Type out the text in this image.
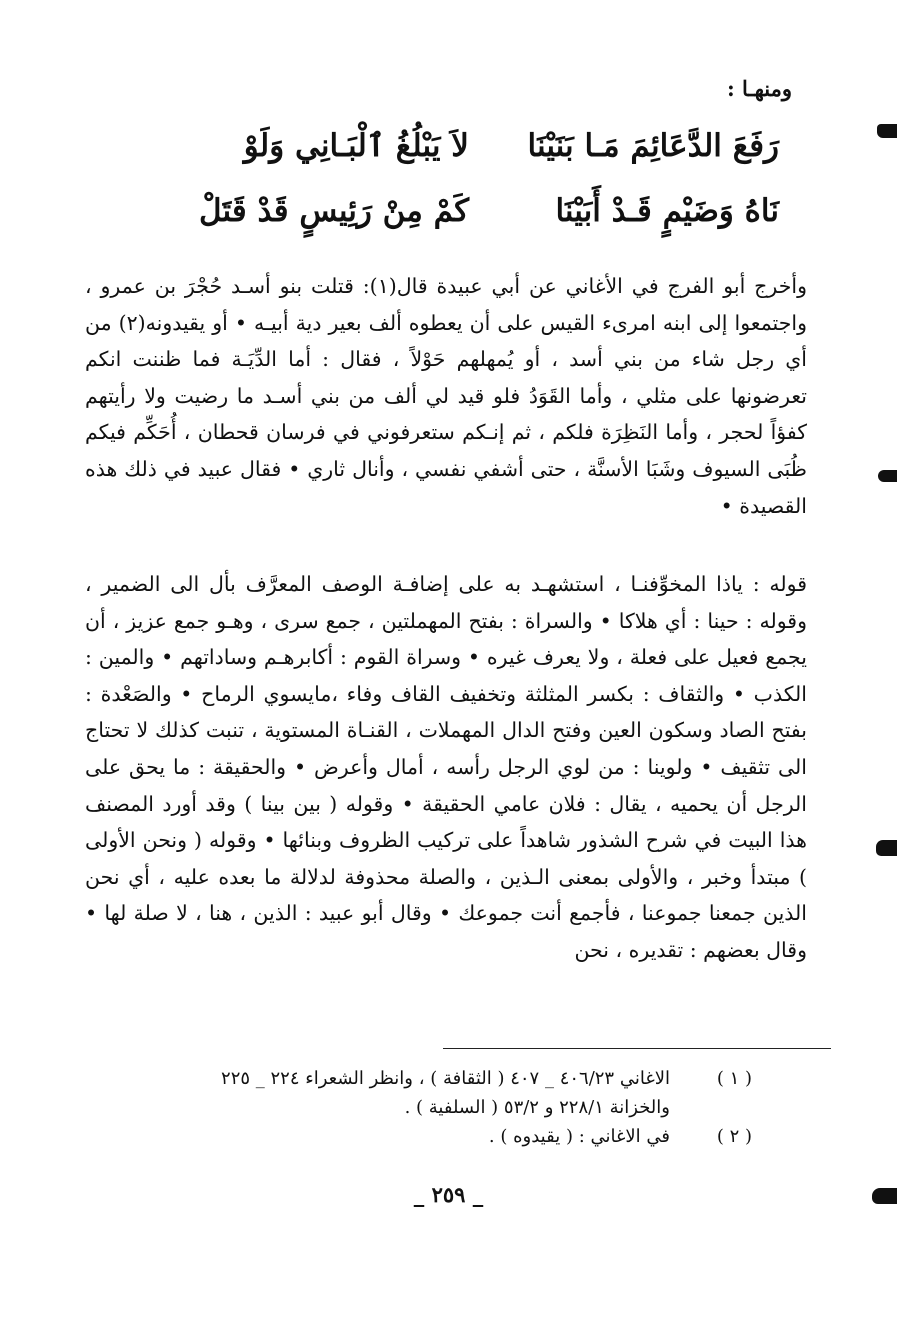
ومنهـا :
رَفَعَ الدَّعَائِمَ مَـا بَنَيْنَا
لاَ يَبْلُغُ ٱلْبَـانِي وَلَوْ
نَاهُ وَضَيْمٍ قَـدْ أَبَيْنَا
كَمْ مِنْ رَئِيسٍ قَدْ قَتَلْ

وأخرج أبو الفرج في الأغاني عن أبي عبيدة قال(١): قتلت بنو أسـد حُجْرَ بن عمرو ، واجتمعوا إلى ابنه امرىء القيس على أن يعطوه ألف بعير دية أبيـه • أو يقيدونه(٢) من أي رجل شاء من بني أسد ، أو يُمهلهم حَوْلاً ، فقال : أما الدِّيَـة فما ظننت انكم تعرضونها على مثلي ، وأما القَوَدُ فلو قيد لي ألف من بني أسـد ما رضيت ولا رأيتهم كفؤاً لحجر ، وأما النَظِرَة فلكم ، ثم إنـكم ستعرفوني في فرسان قحطان ، أُحَكِّم فيكم ظُبَى السيوف وشَبَا الأسنَّة ، حتى أشفي نفسي ، وأنال ثاري • فقال عبيد في ذلك هذه القصيدة •

قوله : ياذا المخوِّفنـا ، استشهـد به على إضافـة الوصف المعرَّف بأل الى الضمير ، وقوله : حينا : أي هلاكا • والسراة : بفتح المهملتين ، جمع سرى ، وهـو جمع عزيز ، أن يجمع فعيل على فعلة ، ولا يعرف غيره • وسراة القوم : أكابرهـم وساداتهم • والمين : الكذب • والثقاف : بكسر المثلثة وتخفيف القاف وفاء ،مايسوي الرماح • والصَعْدة : بفتح الصاد وسكون العين وفتح الدال المهملات ، القنـاة المستوية ، تنبت كذلك لا تحتاج الى تثقيف • ولوينا : من لوي الرجل رأسه ، أمال وأعرض • والحقيقة : ما يحق على الرجل أن يحميه ، يقال : فلان عامي الحقيقة • وقوله ( بين بينا ) وقد أورد المصنف هذا البيت في شرح الشذور شاهداً على تركيب الظروف وبنائها • وقوله ( ونحن الأولى ) مبتدأ وخبر ، والأولى بمعنى الـذين ، والصلة محذوفة لدلالة ما بعده عليه ، أي نحن الذين جمعنا جموعنا ، فأجمع أنت جموعك • وقال أبو عبيد : الذين ، هنا ، لا صلة لها • وقال بعضهم : تقديره ، نحن

( ١ )
الاغاني ٤٠٦/٢٣ _ ٤٠٧ ( الثقافة ) ، وانظر الشعراء ٢٢٤ _ ٢٢٥
والخزانة ٢٢٨/١ و ٥٣/٢ ( السلفية ) .
( ٢ )
في الاغاني : ( يقيدوه ) .
_ ٢٥٩ _
